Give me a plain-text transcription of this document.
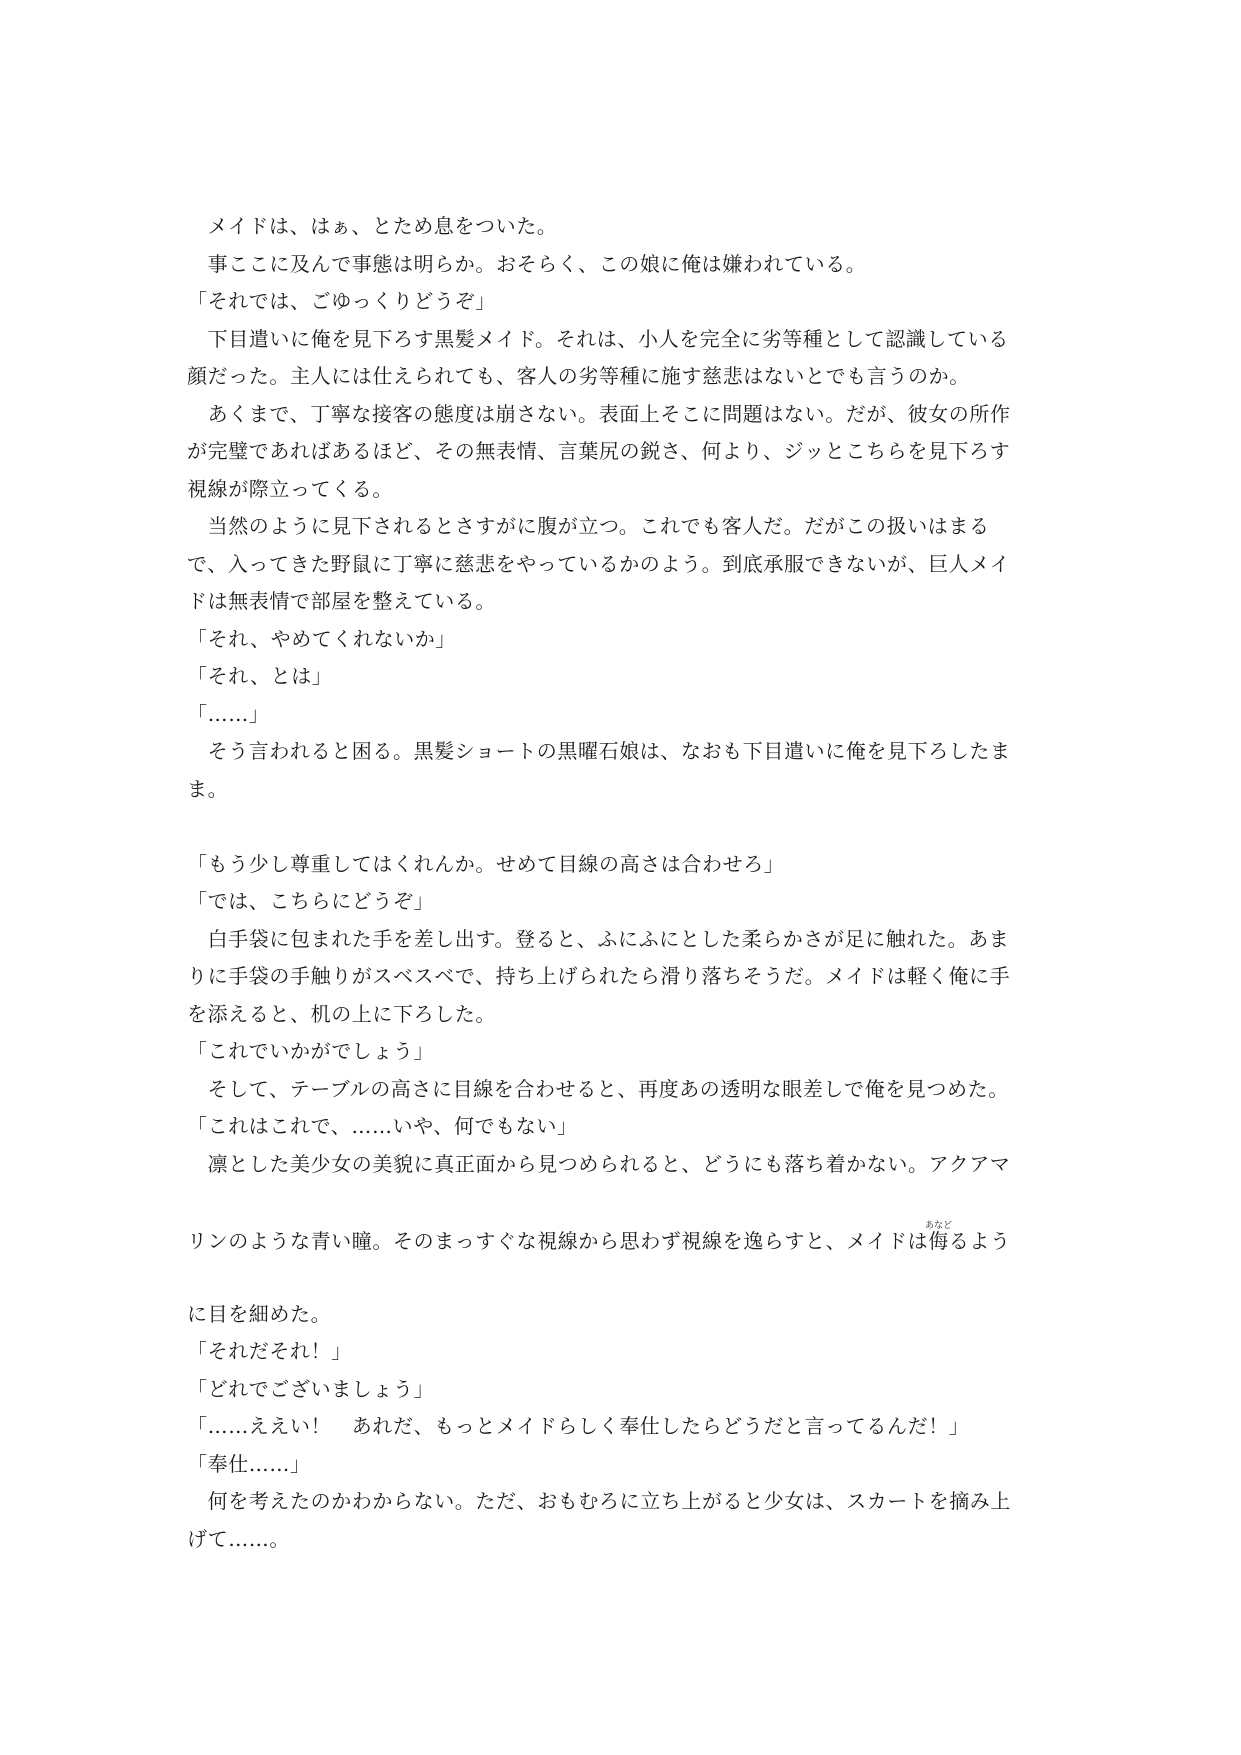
　メイドは、はぁ、とため息をついた。
　事ここに及んで事態は明らか。おそらく、この娘に俺は嫌われている。
「それでは、ごゆっくりどうぞ」
　下目遣いに俺を見下ろす黒髪メイド。それは、小人を完全に劣等種として認識している
顔だった。主人には仕えられても、客人の劣等種に施す慈悲はないとでも言うのか。
　あくまで、丁寧な接客の態度は崩さない。表面上そこに問題はない。だが、彼女の所作
が完璧であればあるほど、その無表情、言葉尻の鋭さ、何より、ジッとこちらを見下ろす
視線が際立ってくる。
　当然のように見下されるとさすがに腹が立つ。これでも客人だ。だがこの扱いはまる
で、入ってきた野鼠に丁寧に慈悲をやっているかのよう。到底承服できないが、巨人メイ
ドは無表情で部屋を整えている。
「それ、やめてくれないか」
「それ、とは」
「……」
　そう言われると困る。黒髪ショートの黒曜石娘は、なおも下目遣いに俺を見下ろしたま
ま。
「もう少し尊重してはくれんか。せめて目線の高さは合わせろ」
「では、こちらにどうぞ」
　白手袋に包まれた手を差し出す。登ると、ふにふにとした柔らかさが足に触れた。あま
りに手袋の手触りがスベスベで、持ち上げられたら滑り落ちそうだ。メイドは軽く俺に手
を添えると、机の上に下ろした。
「これでいかがでしょう」
　そして、テーブルの高さに目線を合わせると、再度あの透明な眼差しで俺を見つめた。
「これはこれで、……いや、何でもない」
　凛とした美少女の美貌に真正面から見つめられると、どうにも落ち着かない。アクアマ
リンのような青い瞳。そのまっすぐな視線から思わず視線を逸らすと、メイドは侮あなどるよう
に目を細めた。
「それだそれ！」
「どれでございましょう」
「……ええい！　あれだ、もっとメイドらしく奉仕したらどうだと言ってるんだ！」
「奉仕……」
　何を考えたのかわからない。ただ、おもむろに立ち上がると少女は、スカートを摘み上
げて……。
